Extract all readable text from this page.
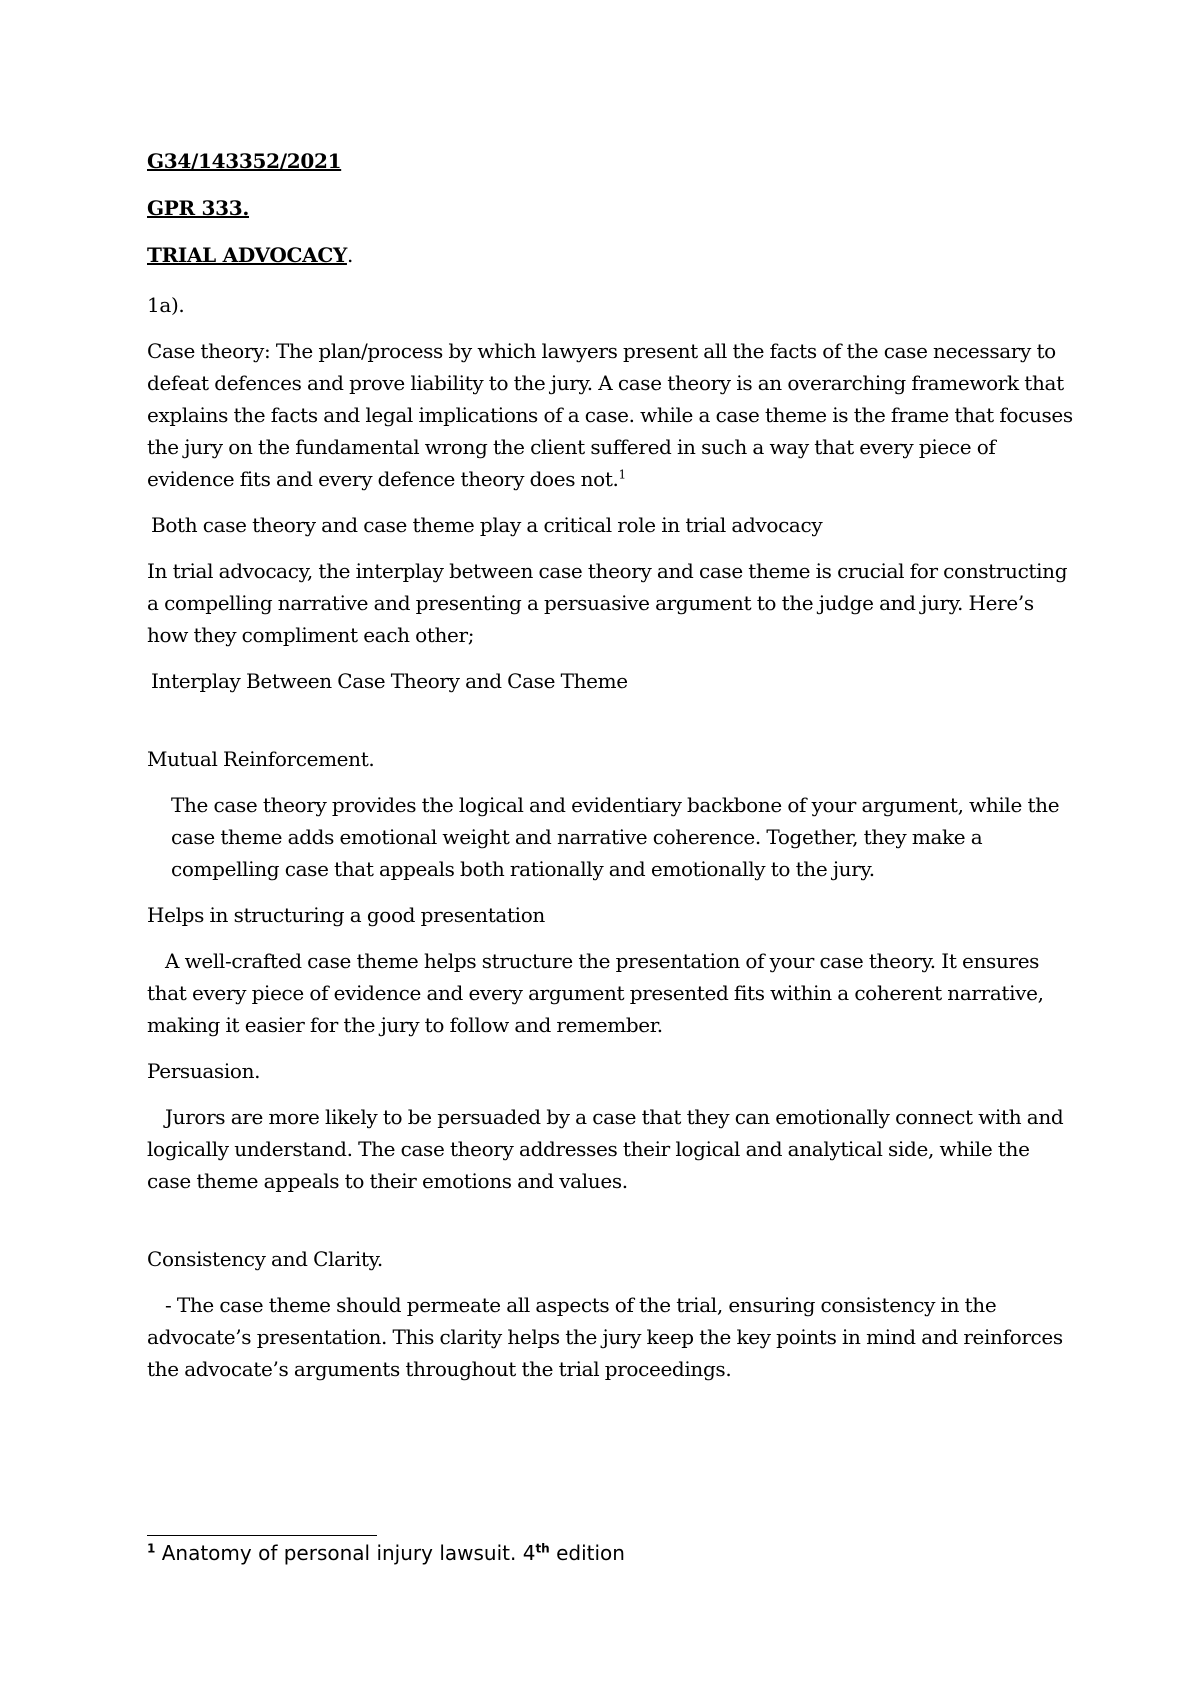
G34/143352/2021
GPR 333.
TRIAL ADVOCACY.
1a).
Case theory: The plan/process by which lawyers present all the facts of the case necessary to defeat defences and prove liability to the jury. A case theory is an overarching framework that explains the facts and legal implications of a case. while a case theme is the frame that focuses the jury on the fundamental wrong the client suffered in such a way that every piece of evidence fits and every defence theory does not.$^1$
Both case theory and case theme play a critical role in trial advocacy
In trial advocacy, the interplay between case theory and case theme is crucial for constructing a compelling narrative and presenting a persuasive argument to the judge and jury. Here’s how they compliment each other;
Interplay Between Case Theory and Case Theme
Mutual Reinforcement.
The case theory provides the logical and evidentiary backbone of your argument, while the case theme adds emotional weight and narrative coherence. Together, they make a compelling case that appeals both rationally and emotionally to the jury.
Helps in structuring a good presentation
A well-crafted case theme helps structure the presentation of your case theory. It ensures that every piece of evidence and every argument presented fits within a coherent narrative, making it easier for the jury to follow and remember.
Persuasion.
Jurors are more likely to be persuaded by a case that they can emotionally connect with and logically understand. The case theory addresses their logical and analytical side, while the case theme appeals to their emotions and values.
Consistency and Clarity.
- The case theme should permeate all aspects of the trial, ensuring consistency in the advocate’s presentation. This clarity helps the jury keep the key points in mind and reinforces the advocate’s arguments throughout the trial proceedings.
$^1$ Anatomy of personal injury lawsuit. 4th edition
